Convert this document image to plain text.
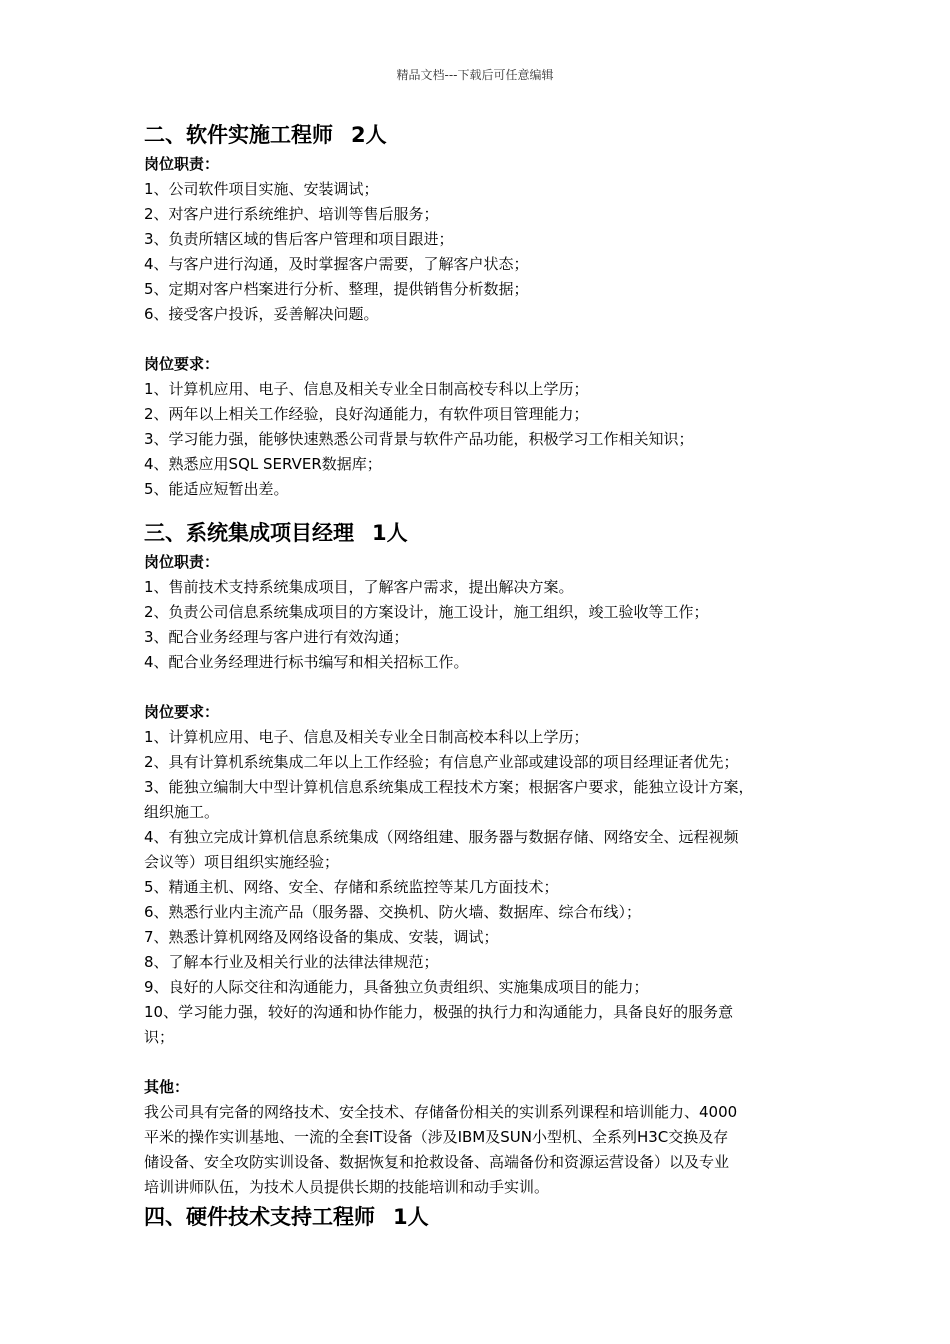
精品文档---下载后可任意编辑
二、软件实施工程师 2人

岗位职责：

1、公司软件项目实施、安装调试；

2、对客户进行系统维护、培训等售后服务；

3、负责所辖区域的售后客户管理和项目跟进；

4、与客户进行沟通，及时掌握客户需要，了解客户状态；

5、定期对客户档案进行分析、整理，提供销售分析数据；

6、接受客户投诉，妥善解决问题。

岗位要求：

1、计算机应用、电子、信息及相关专业全日制高校专科以上学历；

2、两年以上相关工作经验，良好沟通能力，有软件项目管理能力；

3、学习能力强，能够快速熟悉公司背景与软件产品功能，积极学习工作相关知识；

4、熟悉应用SQL SERVER数据库；

5、能适应短暂出差。

三、系统集成项目经理 1人

岗位职责：

1、售前技术支持系统集成项目，了解客户需求，提出解决方案。

2、负责公司信息系统集成项目的方案设计，施工设计，施工组织，竣工验收等工作；

3、配合业务经理与客户进行有效沟通；

4、配合业务经理进行标书编写和相关招标工作。

岗位要求：

1、计算机应用、电子、信息及相关专业全日制高校本科以上学历；

2、具有计算机系统集成二年以上工作经验；有信息产业部或建设部的项目经理证者优先；

3、能独立编制大中型计算机信息系统集成工程技术方案；根据客户要求，能独立设计方案，

组织施工。

4、有独立完成计算机信息系统集成（网络组建、服务器与数据存储、网络安全、远程视频

会议等）项目组织实施经验；

5、精通主机、网络、安全、存储和系统监控等某几方面技术；

6、熟悉行业内主流产品（服务器、交换机、防火墙、数据库、综合布线）；

7、熟悉计算机网络及网络设备的集成、安装，调试；

8、了解本行业及相关行业的法律法律规范；

9、良好的人际交往和沟通能力，具备独立负责组织、实施集成项目的能力；

10、学习能力强，较好的沟通和协作能力，极强的执行力和沟通能力，具备良好的服务意

识；

其他：

我公司具有完备的网络技术、安全技术、存储备份相关的实训系列课程和培训能力、4000

平米的操作实训基地、一流的全套IT设备（涉及IBM及SUN小型机、全系列H3C交换及存

储设备、安全攻防实训设备、数据恢复和抢救设备、高端备份和资源运营设备）以及专业

培训讲师队伍，为技术人员提供长期的技能培训和动手实训。

四、硬件技术支持工程师 1人
